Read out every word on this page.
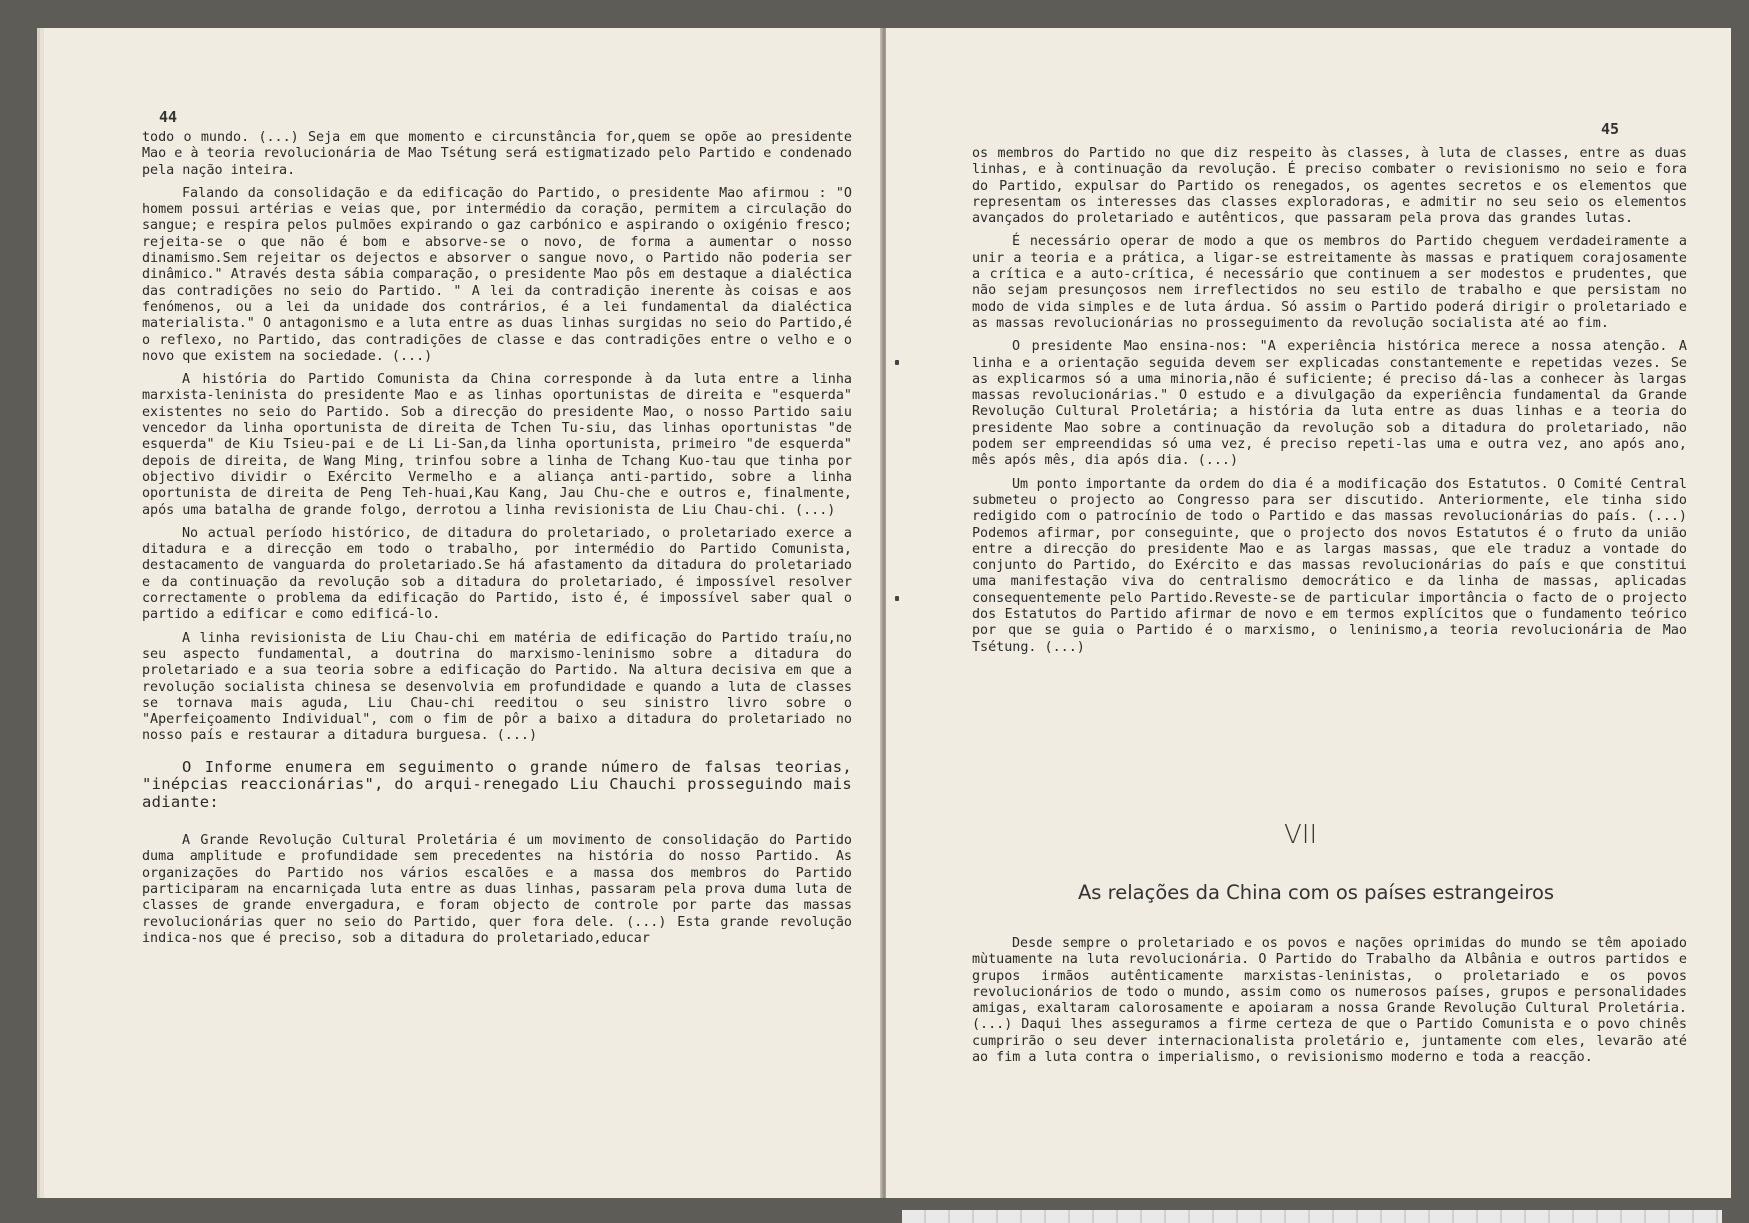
44

todo o mundo. (...) Seja em que momento e circunstância for,quem se opõe ao presidente Mao e à teoria revolucionária de Mao Tsétung será estigmatizado pelo Partido e condenado pela nação inteira.

Falando da consolidação e da edificação do Partido, o presidente Mao afirmou : "O homem possui artérias e veias que, por intermédio da coração, permitem a circulação do sangue; e respira pelos pulmões expirando o gaz carbónico e aspirando o oxigénio fresco; rejeita-se o que não é bom e absorve-se o novo, de forma a aumentar o nosso dinamismo.Sem rejeitar os dejectos e absorver o sangue novo, o Partido não poderia ser dinâmico." Através desta sábia comparação, o presidente Mao pôs em destaque a dialéctica das contradições no seio do Partido. " A lei da contradição inerente às coisas e aos fenómenos, ou a lei da unidade dos contrários, é a lei fundamental da dialéctica materialista." O antagonismo e a luta entre as duas linhas surgidas no seio do Partido,é o reflexo, no Partido, das contradições de classe e das contradições entre o velho e o novo que existem na sociedade. (...)

A história do Partido Comunista da China corresponde à da luta entre a linha marxista-leninista do presidente Mao e as linhas oportunistas de direita e "esquerda" existentes no seio do Partido. Sob a direcção do presidente Mao, o nosso Partido saiu vencedor da linha oportunista de direita de Tchen Tu-siu, das linhas oportunistas "de esquerda" de Kiu Tsieu-pai e de Li Li-San,da linha oportunista, primeiro "de esquerda" depois de direita, de Wang Ming, trinfou sobre a linha de Tchang Kuo-tau que tinha por objectivo dividir o Exército Vermelho e a aliança anti-partido, sobre a linha oportunista de direita de Peng Teh-huai,Kau Kang, Jau Chu-che e outros e, finalmente, após uma batalha de grande folgo, derrotou a linha revisionista de Liu Chau-chi. (...)

No actual período histórico, de ditadura do proletariado, o proletariado exerce a ditadura e a direcção em todo o trabalho, por intermédio do Partido Comunista, destacamento de vanguarda do proletariado.Se há afastamento da ditadura do proletariado e da continuação da revolução sob a ditadura do proletariado, é impossível resolver correctamente o problema da edificação do Partido, isto é, é impossível saber qual o partido a edificar e como edificá-lo.

A linha revisionista de Liu Chau-chi em matéria de edificação do Partido traíu,no seu aspecto fundamental, a doutrina do marxismo-leninismo sobre a ditadura do proletariado e a sua teoria sobre a edificação do Partido. Na altura decisiva em que a revolução socialista chinesa se desenvolvia em profundidade e quando a luta de classes se tornava mais aguda, Liu Chau-chi reeditou o seu sinistro livro sobre o "Aperfeiçoamento Individual", com o fim de pôr a baixo a ditadura do proletariado no nosso país e restaurar a ditadura burguesa. (...)

O Informe enumera em seguimento o grande número de falsas teorias, "inépcias reaccionárias", do arqui-renegado Liu Chauchi prosseguindo mais adiante:

A Grande Revolução Cultural Proletária é um movimento de consolidação do Partido duma amplitude e profundidade sem precedentes na história do nosso Partido. As organizações do Partido nos vários escalões e a massa dos membros do Partido participaram na encarniçada luta entre as duas linhas, passaram pela prova duma luta de classes de grande envergadura, e foram objecto de controle por parte das massas revolucionárias quer no seio do Partido, quer fora dele. (...) Esta grande revolução indica-nos que é preciso, sob a ditadura do proletariado,educar

45

os membros do Partido no que diz respeito às classes, à luta de classes, entre as duas linhas, e à continuação da revolução. É preciso combater o revisionismo no seio e fora do Partido, expulsar do Partido os renegados, os agentes secretos e os elementos que representam os interesses das classes exploradoras, e admitir no seu seio os elementos avançados do proletariado e autênticos, que passaram pela prova das grandes lutas.

É necessário operar de modo a que os membros do Partido cheguem verdadeiramente a unir a teoria e a prática, a ligar-se estreitamente às massas e pratiquem corajosamente a crítica e a auto-crítica, é necessário que continuem a ser modestos e prudentes, que não sejam presunçosos nem irreflectidos no seu estilo de trabalho e que persistam no modo de vida simples e de luta árdua. Só assim o Partido poderá dirigir o proletariado e as massas revolucionárias no prosseguimento da revolução socialista até ao fim.

O presidente Mao ensina-nos: "A experiência histórica merece a nossa atenção. A linha e a orientação seguida devem ser explicadas constantemente e repetidas vezes. Se as explicarmos só a uma minoria,não é suficiente; é preciso dá-las a conhecer às largas massas revolucionárias." O estudo e a divulgação da experiência fundamental da Grande Revolução Cultural Proletária; a história da luta entre as duas linhas e a teoria do presidente Mao sobre a continuação da revolução sob a ditadura do proletariado, não podem ser empreendidas só uma vez, é preciso repeti-las uma e outra vez, ano após ano, mês após mês, dia após dia. (...)

Um ponto importante da ordem do dia é a modificação dos Estatutos. O Comité Central submeteu o projecto ao Congresso para ser discutido. Anteriormente, ele tinha sido redigido com o patrocínio de todo o Partido e das massas revolucionárias do país. (...) Podemos afirmar, por conseguinte, que o projecto dos novos Estatutos é o fruto da união entre a direcção do presidente Mao e as largas massas, que ele traduz a vontade do conjunto do Partido, do Exército e das massas revolucionárias do país e que constitui uma manifestação viva do centralismo democrático e da linha de massas, aplicadas consequentemente pelo Partido.Reveste-se de particular importância o facto de o projecto dos Estatutos do Partido afirmar de novo e em termos explícitos que o fundamento teórico por que se guia o Partido é o marxismo, o leninismo,a teoria revolucionária de Mao Tsétung. (...)

VII
As relações da China com os países estrangeiros

Desde sempre o proletariado e os povos e nações oprimidas do mundo se têm apoiado mùtuamente na luta revolucionária. O Partido do Trabalho da Albânia e outros partidos e grupos irmãos autênticamente marxistas-leninistas, o proletariado e os povos revolucionários de todo o mundo, assim como os numerosos países, grupos e personalidades amigas, exaltaram calorosamente e apoiaram a nossa Grande Revolução Cultural Proletária. (...) Daqui lhes asseguramos a firme certeza de que o Partido Comunista e o povo chinês cumprirão o seu dever internacionalista proletário e, juntamente com eles, levarão até ao fim a luta contra o imperialismo, o revisionismo moderno e toda a reacção.
